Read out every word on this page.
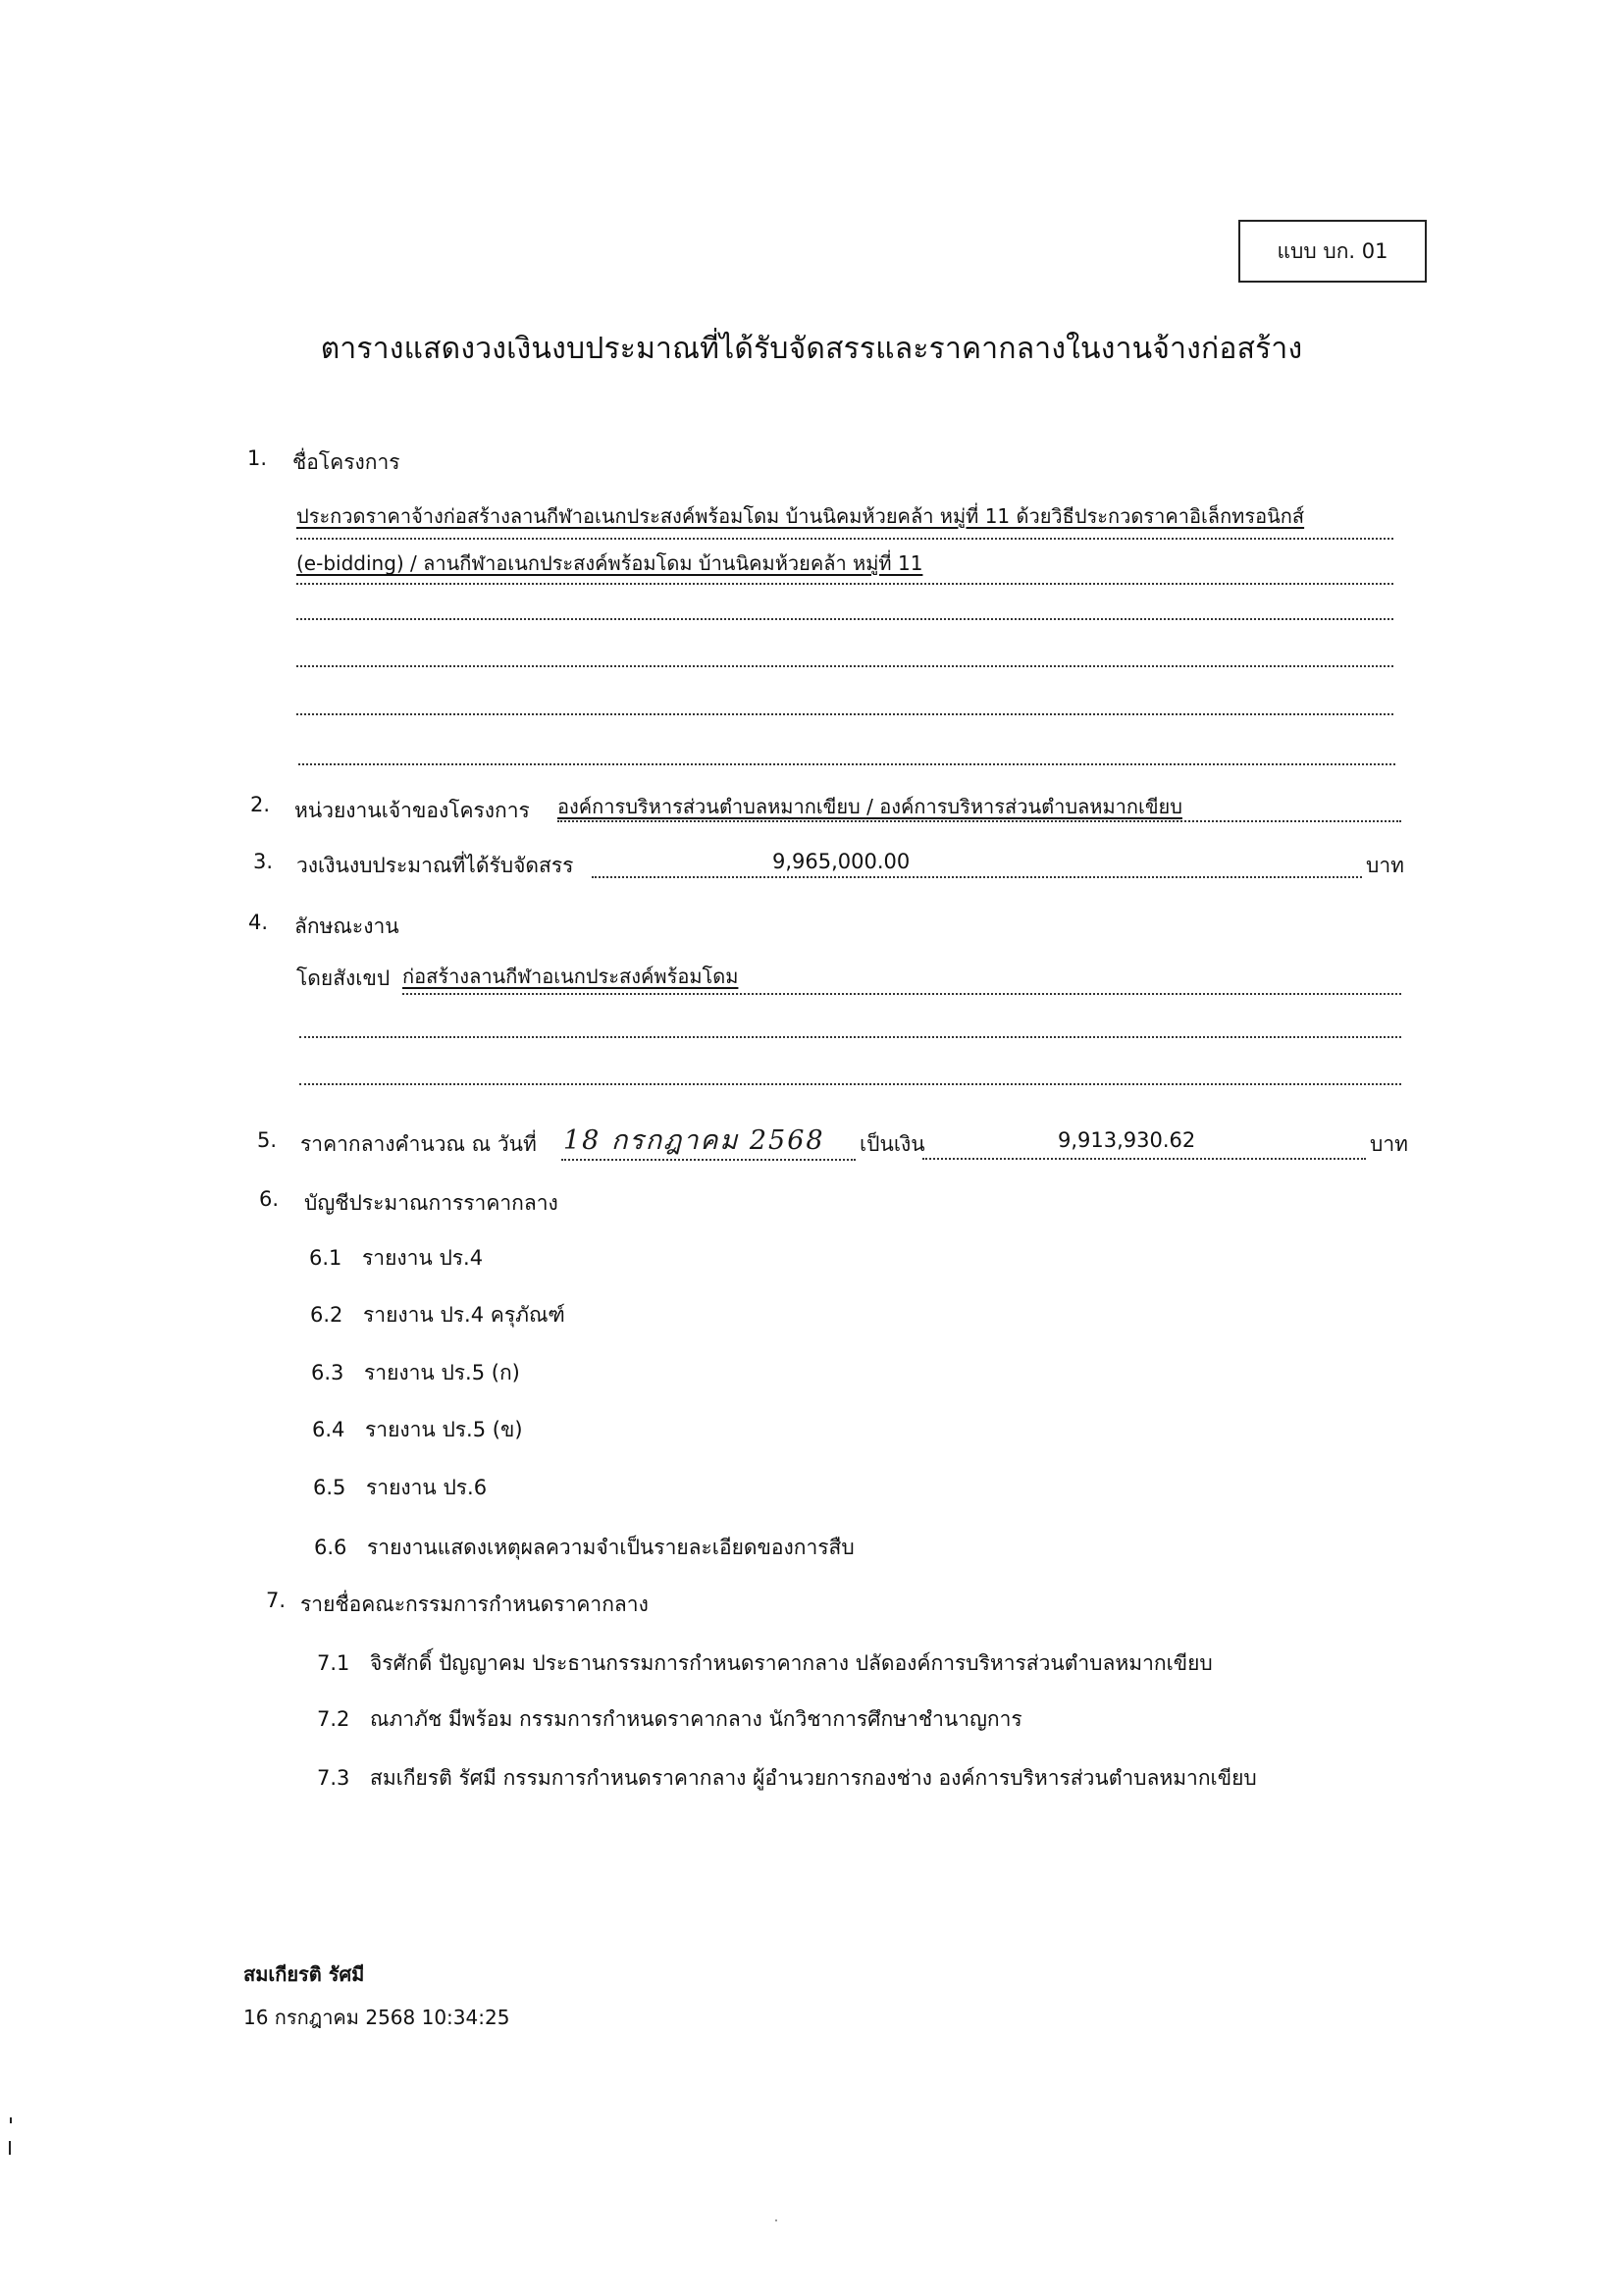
แบบ บก. 01
ตารางแสดงวงเงินงบประมาณที่ได้รับจัดสรรและราคากลางในงานจ้างก่อสร้าง
1. ชื่อโครงการ
ประกวดราคาจ้างก่อสร้างลานกีฬาอเนกประสงค์พร้อมโดม บ้านนิคมห้วยคล้า หมู่ที่ 11 ด้วยวิธีประกวดราคาอิเล็กทรอนิกส์
(e-bidding) / ลานกีฬาอเนกประสงค์พร้อมโดม บ้านนิคมห้วยคล้า หมู่ที่ 11
2. หน่วยงานเจ้าของโครงการ องค์การบริหารส่วนตำบลหมากเขียบ / องค์การบริหารส่วนตำบลหมากเขียบ
3. วงเงินงบประมาณที่ได้รับจัดสรร	9,965,000.00	บาท
4. ลักษณะงาน
โดยสังเขป ก่อสร้างลานกีฬาอเนกประสงค์พร้อมโดม
5. ราคากลางคำนวณ ณ วันที่ 18 กรกฎาคม 2568 เป็นเงิน	9,913,930.62	บาท
6. บัญชีประมาณการราคากลาง
6.1 รายงาน ปร.4
6.2 รายงาน ปร.4 ครุภัณฑ์
6.3 รายงาน ปร.5 (ก)
6.4 รายงาน ปร.5 (ข)
6.5 รายงาน ปร.6
6.6 รายงานแสดงเหตุผลความจำเป็นรายละเอียดของการสืบ
7. รายชื่อคณะกรรมการกำหนดราคากลาง
7.1 จิรศักดิ์ ปัญญาคม ประธานกรรมการกำหนดราคากลาง ปลัดองค์การบริหารส่วนตำบลหมากเขียบ
7.2 ณภาภัช มีพร้อม กรรมการกำหนดราคากลาง นักวิชาการศึกษาชำนาญการ
7.3 สมเกียรติ รัศมี กรรมการกำหนดราคากลาง ผู้อำนวยการกองช่าง องค์การบริหารส่วนตำบลหมากเขียบ
สมเกียรติ รัศมี
16 กรกฎาคม 2568 10:34:25
